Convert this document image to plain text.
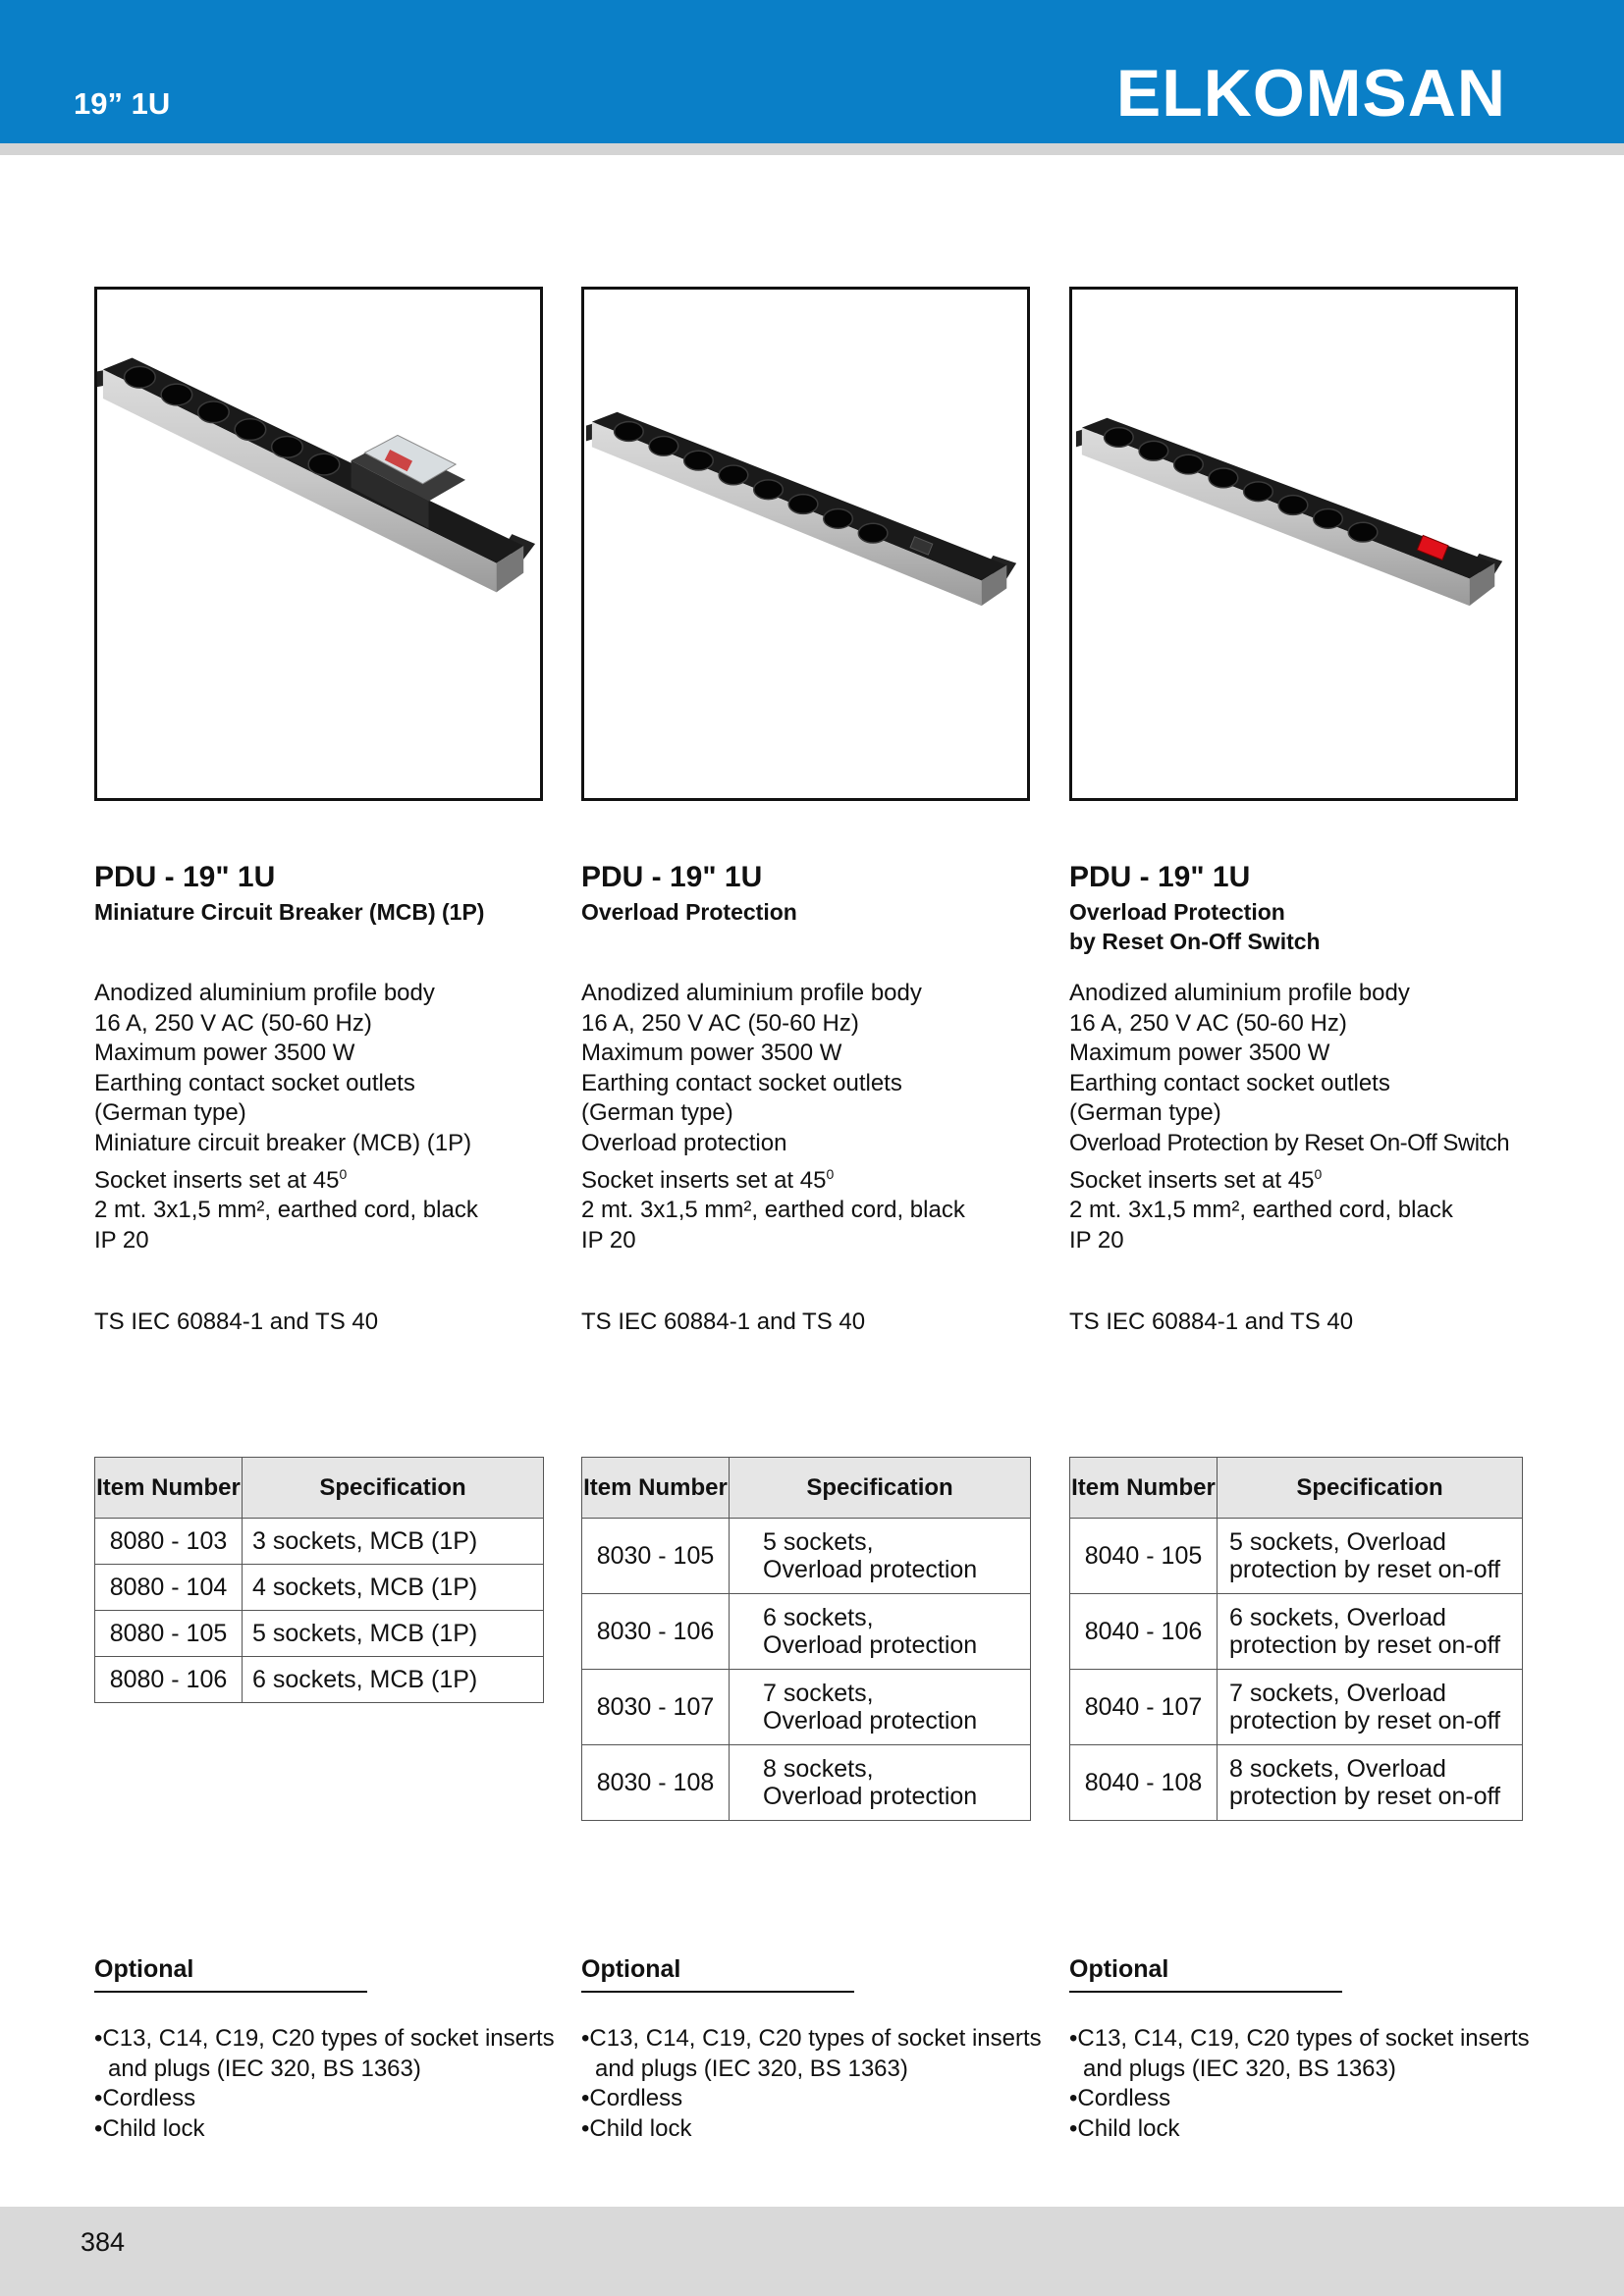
19” 1U	ELKOMSAN
PDU - 19" 1U
Miniature Circuit Breaker (MCB) (1P)
Anodized aluminium profile body
16 A, 250 V AC (50-60 Hz)
Maximum power 3500 W
Earthing contact socket outlets
(German type)
Miniature circuit breaker (MCB) (1P)
Socket inserts set at $45^0$
2 mt. 3x1,5 mm², earthed cord, black
IP 20
TS IEC 60884-1 and TS 40
Item Number	Specification
8080 - 103	3 sockets, MCB (1P)
8080 - 104	4 sockets, MCB (1P)
8080 - 105	5 sockets, MCB (1P)
8080 - 106	6 sockets, MCB (1P)
Optional
• C13, C14, C19, C20 types of socket inserts and plugs (IEC 320, BS 1363)
• Cordless
• Child lock
PDU - 19" 1U
Overload Protection
Anodized aluminium profile body
16 A, 250 V AC (50-60 Hz)
Maximum power 3500 W
Earthing contact socket outlets
(German type)
Overload protection
Socket inserts set at $45^0$
2 mt. 3x1,5 mm², earthed cord, black
IP 20
TS IEC 60884-1 and TS 40
Item Number	Specification
8030 - 105	5 sockets,
Overload protection

8030 - 106	6 sockets,
Overload protection

8030 - 107	7 sockets,
Overload protection

8030 - 108	8 sockets,
Overload protection
Optional
• C13, C14, C19, C20 types of socket inserts and plugs (IEC 320, BS 1363)
• Cordless
• Child lock
PDU - 19" 1U
Overload Protection
by Reset On-Off Switch
Anodized aluminium profile body
16 A, 250 V AC (50-60 Hz)
Maximum power 3500 W
Earthing contact socket outlets
(German type)
Overload Protection by Reset On-Off Switch
Socket inserts set at $45^0$
2 mt. 3x1,5 mm², earthed cord, black
IP 20
TS IEC 60884-1 and TS 40
Item Number	Specification
8040 - 105	5 sockets, Overload
protection by reset on-off

8040 - 106	6 sockets, Overload
protection by reset on-off

8040 - 107	7 sockets, Overload
protection by reset on-off

8040 - 108	8 sockets, Overload
protection by reset on-off
Optional
• C13, C14, C19, C20 types of socket inserts and plugs (IEC 320, BS 1363)
• Cordless
• Child lock
384
